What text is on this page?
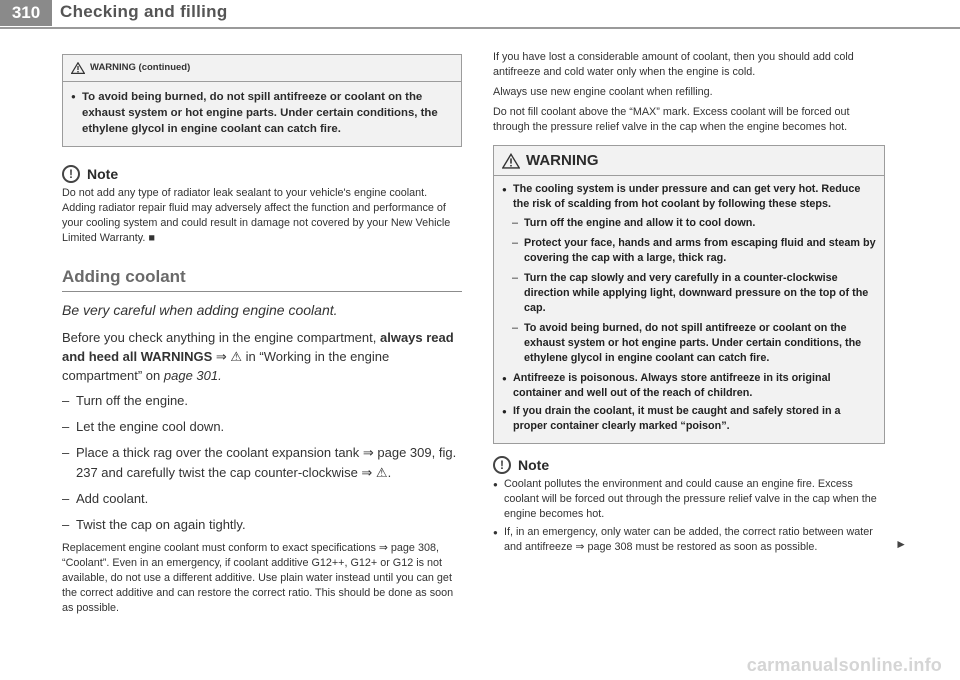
310	Checking and filling
WARNING (continued)
● To avoid being burned, do not spill antifreeze or coolant on the exhaust system or hot engine parts. Under certain conditions, the ethylene glycol in engine coolant can catch fire.
!	Note
Do not add any type of radiator leak sealant to your vehicle's engine coolant. Adding radiator repair fluid may adversely affect the function and performance of your cooling system and could result in damage not covered by your New Vehicle Limited Warranty. ■
Adding coolant
Be very careful when adding engine coolant.
Before you check anything in the engine compartment, always read and heed all WARNINGS ⇒ ⚠ in “Working in the engine compartment” on page 301.
– Turn off the engine.
– Let the engine cool down.
– Place a thick rag over the coolant expansion tank ⇒ page 309, fig. 237 and carefully twist the cap counter-clockwise ⇒ ⚠.
– Add coolant.
– Twist the cap on again tightly.
Replacement engine coolant must conform to exact specifications ⇒ page 308, “Coolant”. Even in an emergency, if coolant additive G12++, G12+ or G12 is not available, do not use a different additive. Use plain water instead until you can get the correct additive and can restore the correct ratio. This should be done as soon as possible.

If you have lost a considerable amount of coolant, then you should add cold antifreeze and cold water only when the engine is cold.

Always use new engine coolant when refilling.

Do not fill coolant above the “MAX” mark. Excess coolant will be forced out through the pressure relief valve in the cap when the engine becomes hot.

WARNING
● The cooling system is under pressure and can get very hot. Reduce the risk of scalding from hot coolant by following these steps.
– Turn off the engine and allow it to cool down.
– Protect your face, hands and arms from escaping fluid and steam by covering the cap with a large, thick rag.
– Turn the cap slowly and very carefully in a counter-clockwise direction while applying light, downward pressure on the top of the cap.
– To avoid being burned, do not spill antifreeze or coolant on the exhaust system or hot engine parts. Under certain conditions, the ethylene glycol in engine coolant can catch fire.
● Antifreeze is poisonous. Always store antifreeze in its original container and well out of the reach of children.
● If you drain the coolant, it must be caught and safely stored in a proper container clearly marked “poison”.
!	Note
● Coolant pollutes the environment and could cause an engine fire. Excess coolant will be forced out through the pressure relief valve in the cap when the engine becomes hot.
● If, in an emergency, only water can be added, the correct ratio between water and antifreeze ⇒ page 308 must be restored as soon as possible.	►
carmanualsonline.info
